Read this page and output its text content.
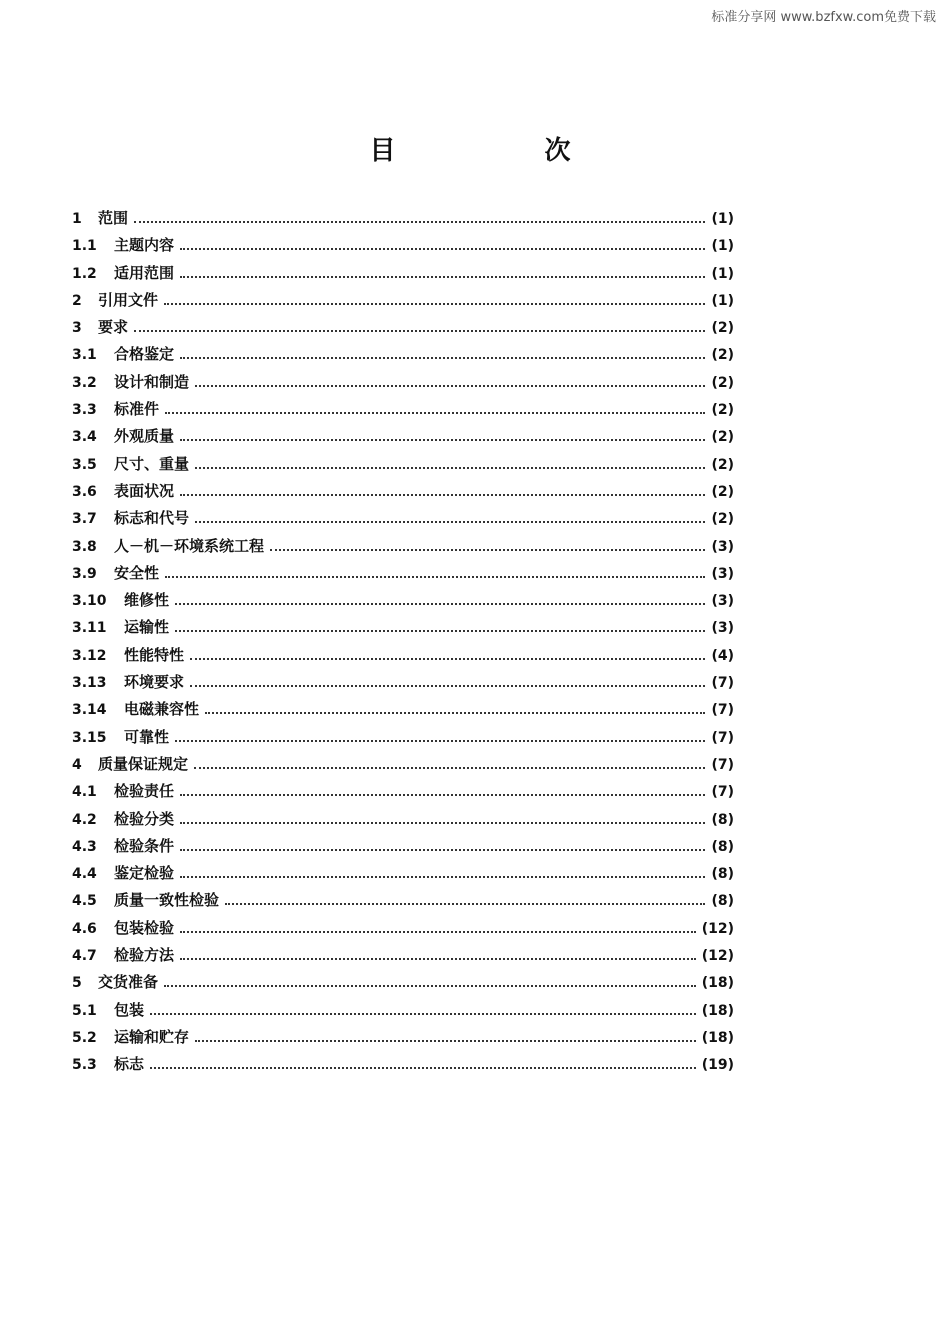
标准分享网 www.bzfxw.com免费下载
目 次
1	范围	(1)
1.1	主题内容	(1)
1.2	适用范围	(1)
2	引用文件	(1)
3	要求	(2)
3.1	合格鉴定	(2)
3.2	设计和制造	(2)
3.3	标准件	(2)
3.4	外观质量	(2)
3.5	尺寸、重量	(2)
3.6	表面状况	(2)
3.7	标志和代号	(2)
3.8	人－机－环境系统工程	(3)
3.9	安全性	(3)
3.10	维修性	(3)
3.11	运输性	(3)
3.12	性能特性	(4)
3.13	环境要求	(7)
3.14	电磁兼容性	(7)
3.15	可靠性	(7)
4	质量保证规定	(7)
4.1	检验责任	(7)
4.2	检验分类	(8)
4.3	检验条件	(8)
4.4	鉴定检验	(8)
4.5	质量一致性检验	(8)
4.6	包装检验	(12)
4.7	检验方法	(12)
5	交货准备	(18)
5.1	包装	(18)
5.2	运输和贮存	(18)
5.3	标志	(19)
